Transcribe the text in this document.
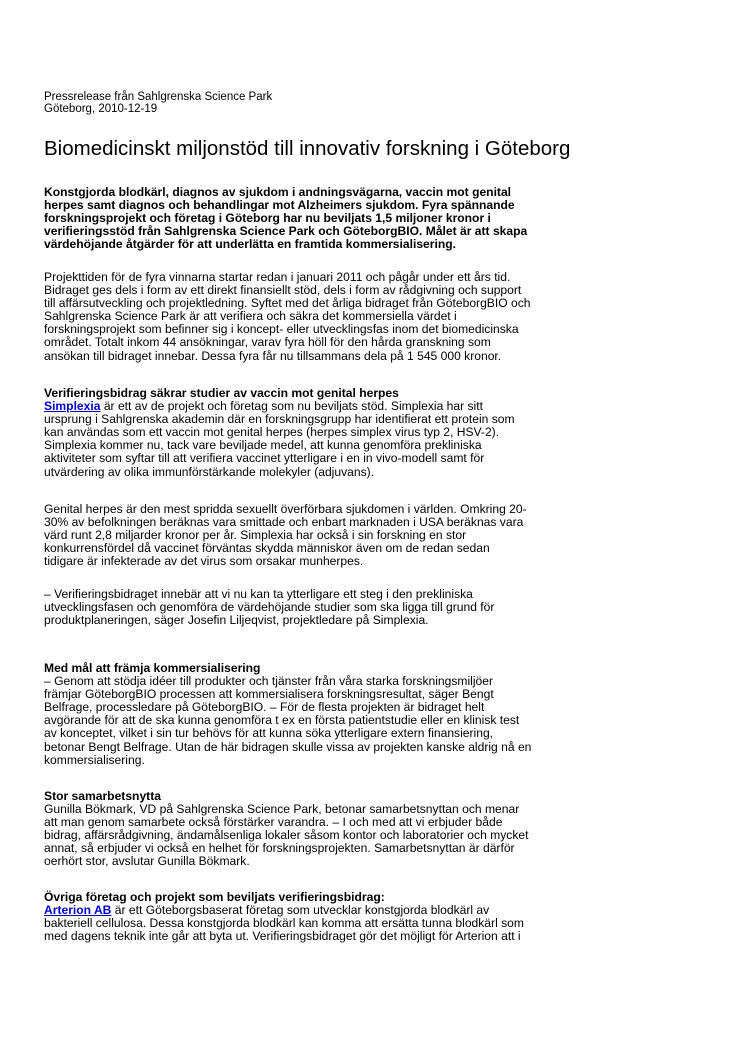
Pressrelease från Sahlgrenska Science Park
Göteborg, 2010-12-19
Biomedicinskt miljonstöd till innovativ forskning i Göteborg
Konstgjorda blodkärl, diagnos av sjukdom i andningsvägarna, vaccin mot genital
herpes samt diagnos och behandlingar mot Alzheimers sjukdom. Fyra spännande
forskningsprojekt och företag i Göteborg har nu beviljats 1,5 miljoner kronor i
verifieringsstöd från Sahlgrenska Science Park och GöteborgBIO. Målet är att skapa
värdehöjande åtgärder för att underlätta en framtida kommersialisering.
Projekttiden för de fyra vinnarna startar redan i januari 2011 och pågår under ett års tid.
Bidraget ges dels i form av ett direkt finansiellt stöd, dels i form av rådgivning och support
till affärsutveckling och projektledning. Syftet med det årliga bidraget från GöteborgBIO och
Sahlgrenska Science Park är att verifiera och säkra det kommersiella värdet i
forskningsprojekt som befinner sig i koncept- eller utvecklingsfas inom det biomedicinska
området. Totalt inkom 44 ansökningar, varav fyra höll för den hårda granskning som
ansökan till bidraget innebar. Dessa fyra får nu tillsammans dela på 1 545 000 kronor.
Verifieringsbidrag säkrar studier av vaccin mot genital herpes
Simplexia är ett av de projekt och företag som nu beviljats stöd. Simplexia har sitt
ursprung i Sahlgrenska akademin där en forskningsgrupp har identifierat ett protein som
kan användas som ett vaccin mot genital herpes (herpes simplex virus typ 2, HSV-2).
Simplexia kommer nu, tack vare beviljade medel, att kunna genomföra prekliniska
aktiviteter som syftar till att verifiera vaccinet ytterligare i en in vivo-modell samt för
utvärdering av olika immunförstärkande molekyler (adjuvans).
Genital herpes är den mest spridda sexuellt överförbara sjukdomen i världen. Omkring 20-
30% av befolkningen beräknas vara smittade och enbart marknaden i USA beräknas vara
värd runt 2,8 miljarder kronor per år. Simplexia har också i sin forskning en stor
konkurrensfördel då vaccinet förväntas skydda människor även om de redan sedan
tidigare är infekterade av det virus som orsakar munherpes.
– Verifieringsbidraget innebär att vi nu kan ta ytterligare ett steg i den prekliniska
utvecklingsfasen och genomföra de värdehöjande studier som ska ligga till grund för
produktplaneringen, säger Josefin Liljeqvist, projektledare på Simplexia.
Med mål att främja kommersialisering
– Genom att stödja idéer till produkter och tjänster från våra starka forskningsmiljöer
främjar GöteborgBIO processen att kommersialisera forskningsresultat, säger Bengt
Belfrage, processledare på GöteborgBIO. – För de flesta projekten är bidraget helt
avgörande för att de ska kunna genomföra t ex en första patientstudie eller en klinisk test
av konceptet, vilket i sin tur behövs för att kunna söka ytterligare extern finansiering,
betonar Bengt Belfrage. Utan de här bidragen skulle vissa av projekten kanske aldrig nå en
kommersialisering.
Stor samarbetsnytta
Gunilla Bökmark, VD på Sahlgrenska Science Park, betonar samarbetsnyttan och menar
att man genom samarbete också förstärker varandra. – I och med att vi erbjuder både
bidrag, affärsrådgivning, ändamålsenliga lokaler såsom kontor och laboratorier och mycket
annat, så erbjuder vi också en helhet för forskningsprojekten. Samarbetsnyttan är därför
oerhört stor, avslutar Gunilla Bökmark.
Övriga företag och projekt som beviljats verifieringsbidrag:
Arterion AB är ett Göteborgsbaserat företag som utvecklar konstgjorda blodkärl av
bakteriell cellulosa. Dessa konstgjorda blodkärl kan komma att ersätta tunna blodkärl som
med dagens teknik inte går att byta ut. Verifieringsbidraget gör det möjligt för Arterion att i
